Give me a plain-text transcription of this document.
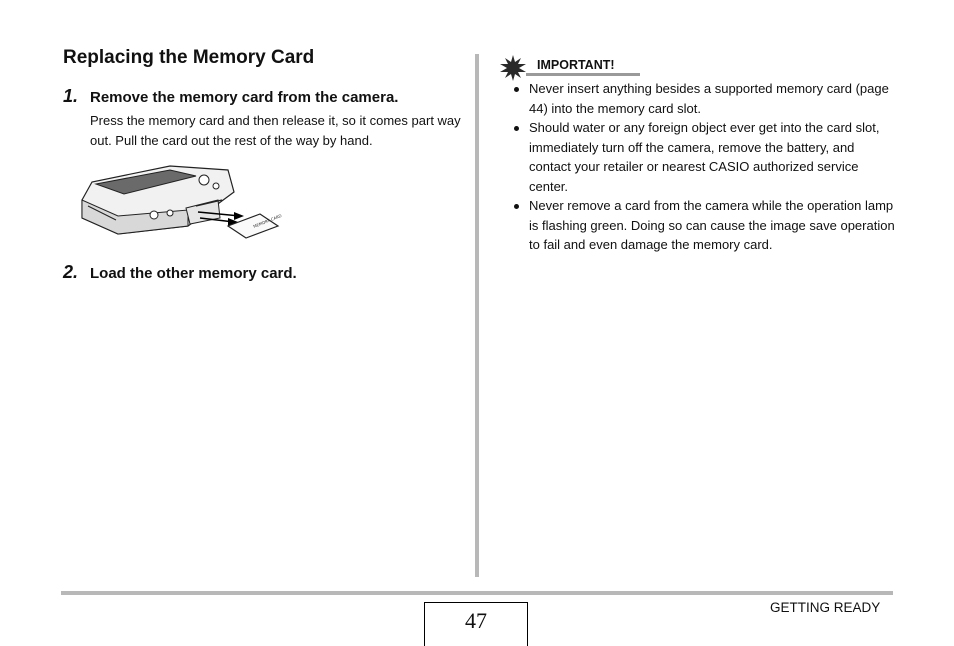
Replacing the Memory Card
1. Remove the memory card from the camera.
Press the memory card and then release it, so it comes part way out. Pull the card out the rest of the way by hand.
MEMORY CARD
2. Load the other memory card.
IMPORTANT!
Never insert anything besides a supported memory card (page 44) into the memory card slot.
Should water or any foreign object ever get into the card slot, immediately turn off the camera, remove the battery, and contact your retailer or nearest CASIO authorized service center.
Never remove a card from the camera while the operation lamp is flashing green. Doing so can cause the image save operation to fail and even damage the memory card.
47
GETTING READY
